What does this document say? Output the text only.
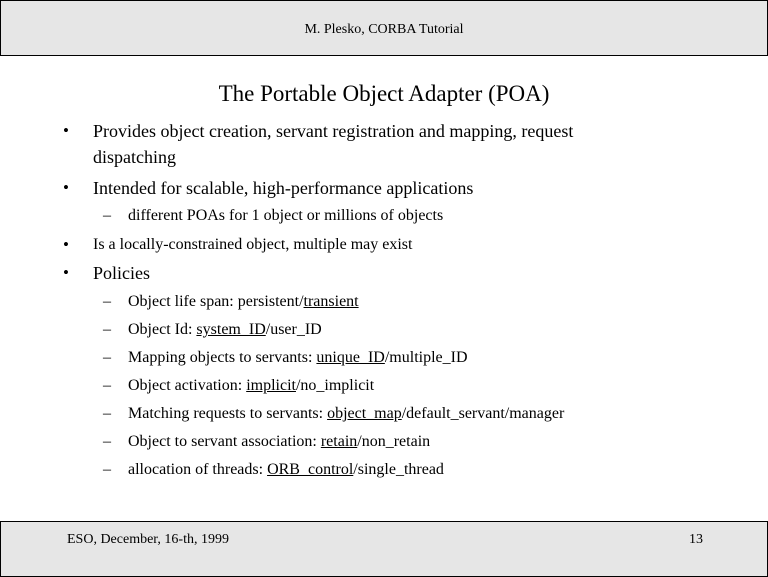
M. Plesko, CORBA Tutorial
The Portable Object Adapter (POA)
• Provides object creation, servant registration and mapping, request
dispatching
• Intended for scalable, high-performance applications
– different POAs for 1 object or millions of objects
• Is a locally-constrained object, multiple may exist
• Policies
– Object life span: persistent/transient
– Object Id: system_ID/user_ID
– Mapping objects to servants: unique_ID/multiple_ID
– Object activation: implicit/no_implicit
– Matching requests to servants: object_map/default_servant/manager
– Object to servant association: retain/non_retain
– allocation of threads: ORB_control/single_thread
ESO, December, 16-th, 1999	13
